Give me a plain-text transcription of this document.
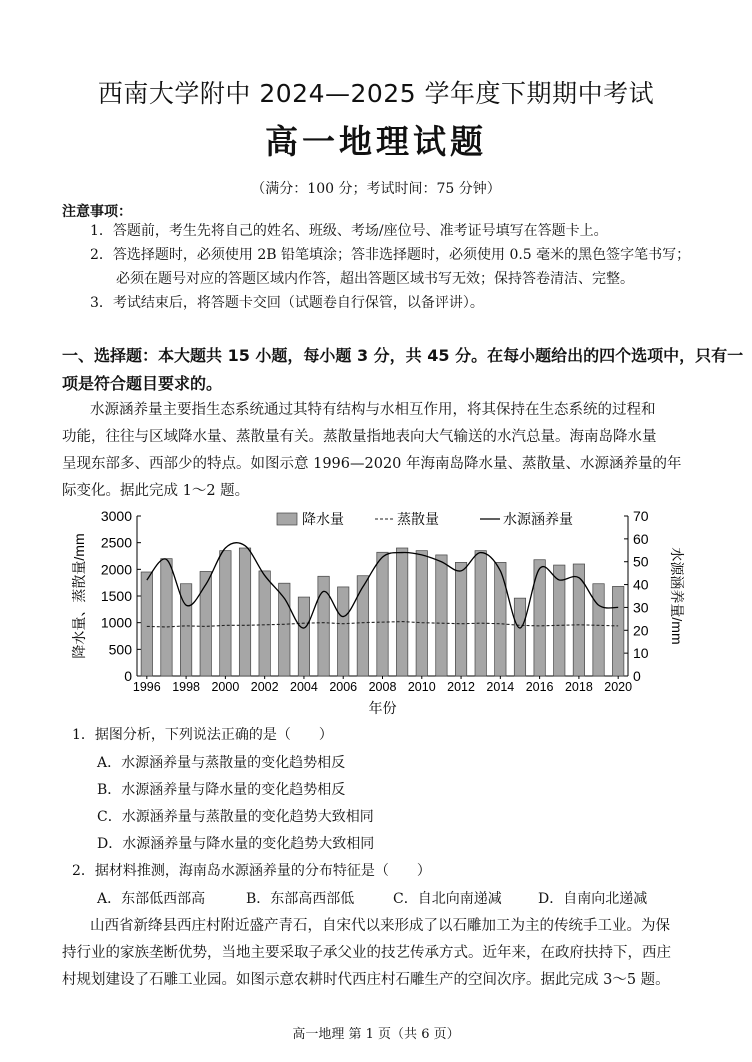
西南大学附中 2024—2025 学年度下期期中考试
高一地理试题
（满分：100 分；考试时间：75 分钟）
注意事项：
1．答题前，考生先将自己的姓名、班级、考场/座位号、准考证号填写在答题卡上。
2．答选择题时，必须使用 2B 铅笔填涂；答非选择题时，必须使用 0.5 毫米的黑色签字笔书写；
必须在题号对应的答题区域内作答，超出答题区域书写无效；保持答卷清洁、完整。
3．考试结束后，将答题卡交回（试题卷自行保管，以备评讲）。
一、选择题：本大题共 15 小题，每小题 3 分，共 45 分。在每小题给出的四个选项中，只有一
项是符合题目要求的。
水源涵养量主要指生态系统通过其特有结构与水相互作用，将其保持在生态系统的过程和
功能，往往与区域降水量、蒸散量有关。蒸散量指地表向大气输送的水汽总量。海南岛降水量
呈现东部多、西部少的特点。如图示意 1996—2020 年海南岛降水量、蒸散量、水源涵养量的年
际变化。据此完成 1～2 题。
0
500
1000
1500
2000
2500
3000
0
10
20
30
40
50
60
70
1996 1998 2000 2002 2004 2006 2008 2010 2012 2014 2016 2018 2020
降水量	蒸散量	水源涵养量
降水量、蒸散量/mm	水源涵养量/mm
年份
1．据图分析，下列说法正确的是（　　）
A．水源涵养量与蒸散量的变化趋势相反
B．水源涵养量与降水量的变化趋势相反
C．水源涵养量与蒸散量的变化趋势大致相同
D．水源涵养量与降水量的变化趋势大致相同
2．据材料推测，海南岛水源涵养量的分布特征是（　　）
A．东部低西部高	B．东部高西部低	C．自北向南递减	D．自南向北递减
山西省新绛县西庄村附近盛产青石，自宋代以来形成了以石雕加工为主的传统手工业。为保
持行业的家族垄断优势，当地主要采取子承父业的技艺传承方式。近年来，在政府扶持下，西庄
村规划建设了石雕工业园。如图示意农耕时代西庄村石雕生产的空间次序。据此完成 3～5 题。
高一地理 第 1 页（共 6 页）
